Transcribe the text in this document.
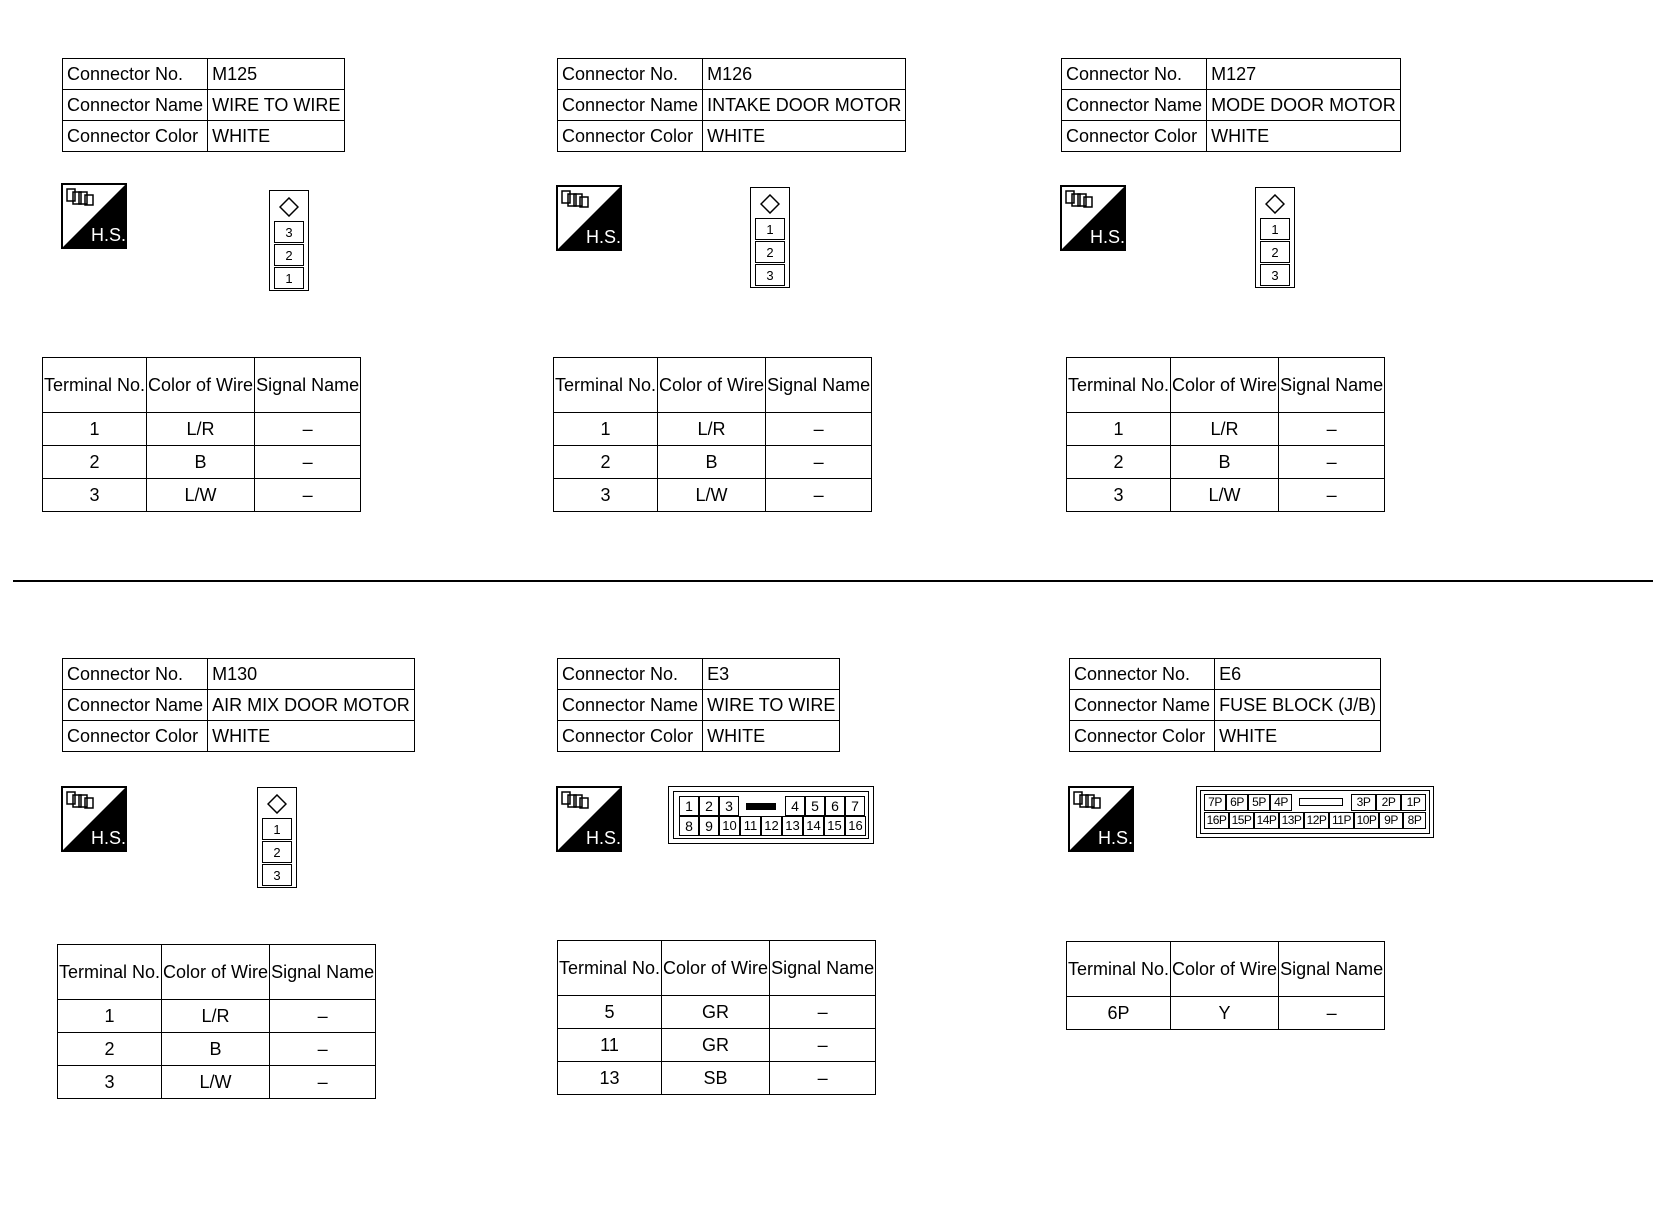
Connector No.	M125
Connector Name	WIRE TO WIRE
Connector Color	WHITE
H.S.	3
2
1
Terminal No.	Color of Wire	Signal Name
1	L/R	–
2	B	–
3	L/W	–
Connector No.	M126
Connector Name	INTAKE DOOR MOTOR
Connector Color	WHITE
H.S.	1
2
3
Terminal No.	Color of Wire	Signal Name
1	L/R	–
2	B	–
3	L/W	–
Connector No.	M127
Connector Name	MODE DOOR MOTOR
Connector Color	WHITE
H.S.	1
2
3
Terminal No.	Color of Wire	Signal Name
1	L/R	–
2	B	–
3	L/W	–
Connector No.	M130
Connector Name	AIR MIX DOOR MOTOR
Connector Color	WHITE
H.S.	1
2
3
Terminal No.	Color of Wire	Signal Name
1	L/R	–
2	B	–
3	L/W	–
Connector No.	E3
Connector Name	WIRE TO WIRE
Connector Color	WHITE
H.S.
1 2 3	4 5 6 7
8 9 10 11 12 13 14 15 16
Terminal No.	Color of Wire	Signal Name
5	GR	–
11	GR	–
13	SB	–
Connector No.	E6
Connector Name	FUSE BLOCK (J/B)
Connector Color	WHITE
H.S.
7P 6P 5P 4P	3P 2P 1P
16P 15P 14P 13P 12P 11P 10P 9P 8P
Terminal No.	Color of Wire	Signal Name
6P	Y	–
